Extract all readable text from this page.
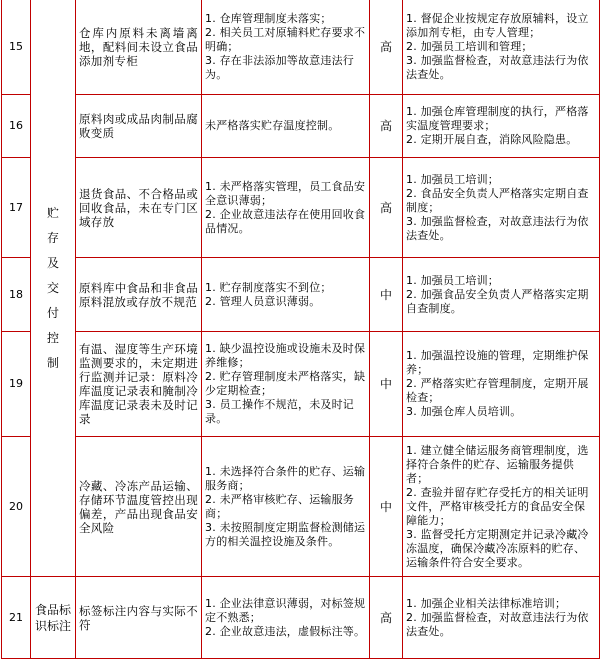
15	贮存及交付控制	仓库内原料未离墙离地，配料间未设立食品添加剂专柜	1. 仓库管理制度未落实；
2. 相关员工对原辅料贮存要求不明确；
3. 存在非法添加等故意违法行为。	高	1. 督促企业按规定存放原辅料，设立添加剂专柜，由专人管理；
2. 加强员工培训和管理；
3. 加强监督检查，对故意违法行为依法查处。

16		原料肉或成品肉制品腐败变质	未严格落实贮存温度控制。	高	1. 加强仓库管理制度的执行，严格落实温度管理要求；
2. 定期开展自查，消除风险隐患。

17		退货食品、不合格品或回收食品，未在专门区域存放	1. 未严格落实管理，员工食品安全意识薄弱；
2. 企业故意违法存在使用回收食品情况。	高	1. 加强员工培训；
2. 食品安全负责人严格落实定期自查制度；
3. 加强监督检查，对故意违法行为依法查处。

18		原料库中食品和非食品原料混放或存放不规范	1. 贮存制度落实不到位；
2. 管理人员意识薄弱。	中	1. 加强员工培训；
2. 加强食品安全负责人严格落实定期自查制度。

19		有温、湿度等生产环境监测要求的，未定期进行监测并记录：原料冷库温度记录表和腌制冷库温度记录表未及时记录	1. 缺少温控设施或设施未及时保养维修；
2. 贮存管理制度未严格落实，缺少定期检查；
3. 员工操作不规范，未及时记录。	中	1. 加强温控设施的管理，定期维护保养；
2. 严格落实贮存管理制度，定期开展检查；
3. 加强仓库人员培训。

20		冷藏、冷冻产品运输、存储环节温度管控出现偏差，产品出现食品安全风险	1. 未选择符合条件的贮存、运输服务商；
2. 未严格审核贮存、运输服务商；
3. 未按照制度定期监督检测储运方的相关温控设施及条件。	中	1. 建立健全储运服务商管理制度，选择符合条件的贮存、运输服务提供者；
2. 查验并留存贮存受托方的相关证明文件，严格审核受托方的食品安全保障能力；
3. 监督受托方定期测定并记录冷藏冷冻温度，确保冷藏冷冻原料的贮存、运输条件符合安全要求。

21	食品标识标注	标签标注内容与实际不符	1. 企业法律意识薄弱，对标签规定不熟悉；
2. 企业故意违法，虚假标注等。	高	1. 加强企业相关法律标准培训；
2. 加强监督检查，对故意违法行为依法查处。
